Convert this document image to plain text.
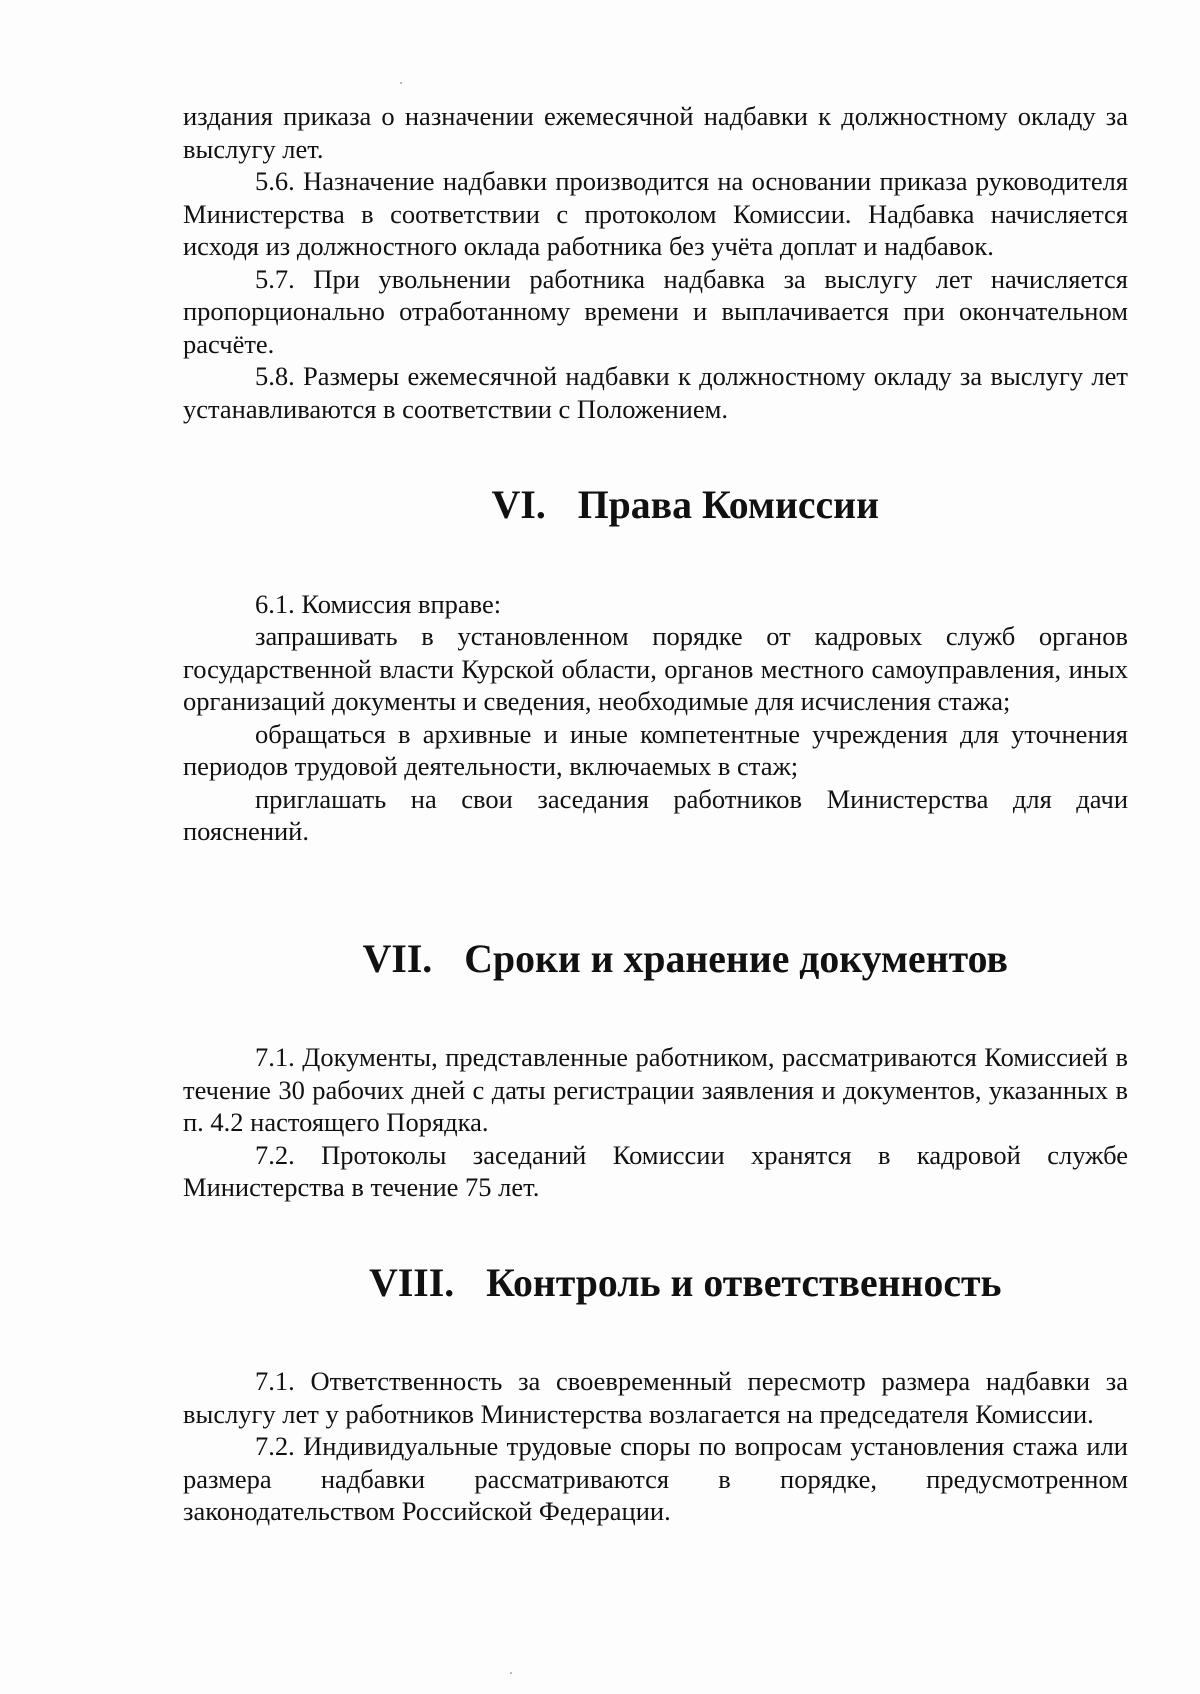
издания приказа о назначении ежемесячной надбавки к должностному окладу за выслугу лет.

5.6. Назначение надбавки производится на основании приказа руководителя Министерства в соответствии с протоколом Комиссии. Надбавка начисляется исходя из должностного оклада работника без учёта доплат и надбавок.

5.7. При увольнении работника надбавка за выслугу лет начисляется пропорционально отработанному времени и выплачивается при окончательном расчёте.

5.8. Размеры ежемесячной надбавки к должностному окладу за выслугу лет устанавливаются в соответствии с Положением.

VI. Права Комиссии

6.1. Комиссия вправе:

запрашивать в установленном порядке от кадровых служб органов государственной власти Курской области, органов местного самоуправления, иных организаций документы и сведения, необходимые для исчисления стажа;

обращаться в архивные и иные компетентные учреждения для уточнения периодов трудовой деятельности, включаемых в стаж;

приглашать на свои заседания работников Министерства для дачи пояснений.

VII. Сроки и хранение документов

7.1. Документы, представленные работником, рассматриваются Комиссией в течение 30 рабочих дней с даты регистрации заявления и документов, указанных в п. 4.2 настоящего Порядка.

7.2. Протоколы заседаний Комиссии хранятся в кадровой службе Министерства в течение 75 лет.

VIII. Контроль и ответственность

7.1. Ответственность за своевременный пересмотр размера надбавки за выслугу лет у работников Министерства возлагается на председателя Комиссии.

7.2. Индивидуальные трудовые споры по вопросам установления стажа или размера надбавки рассматриваются в порядке, предусмотренном законодательством Российской Федерации.
